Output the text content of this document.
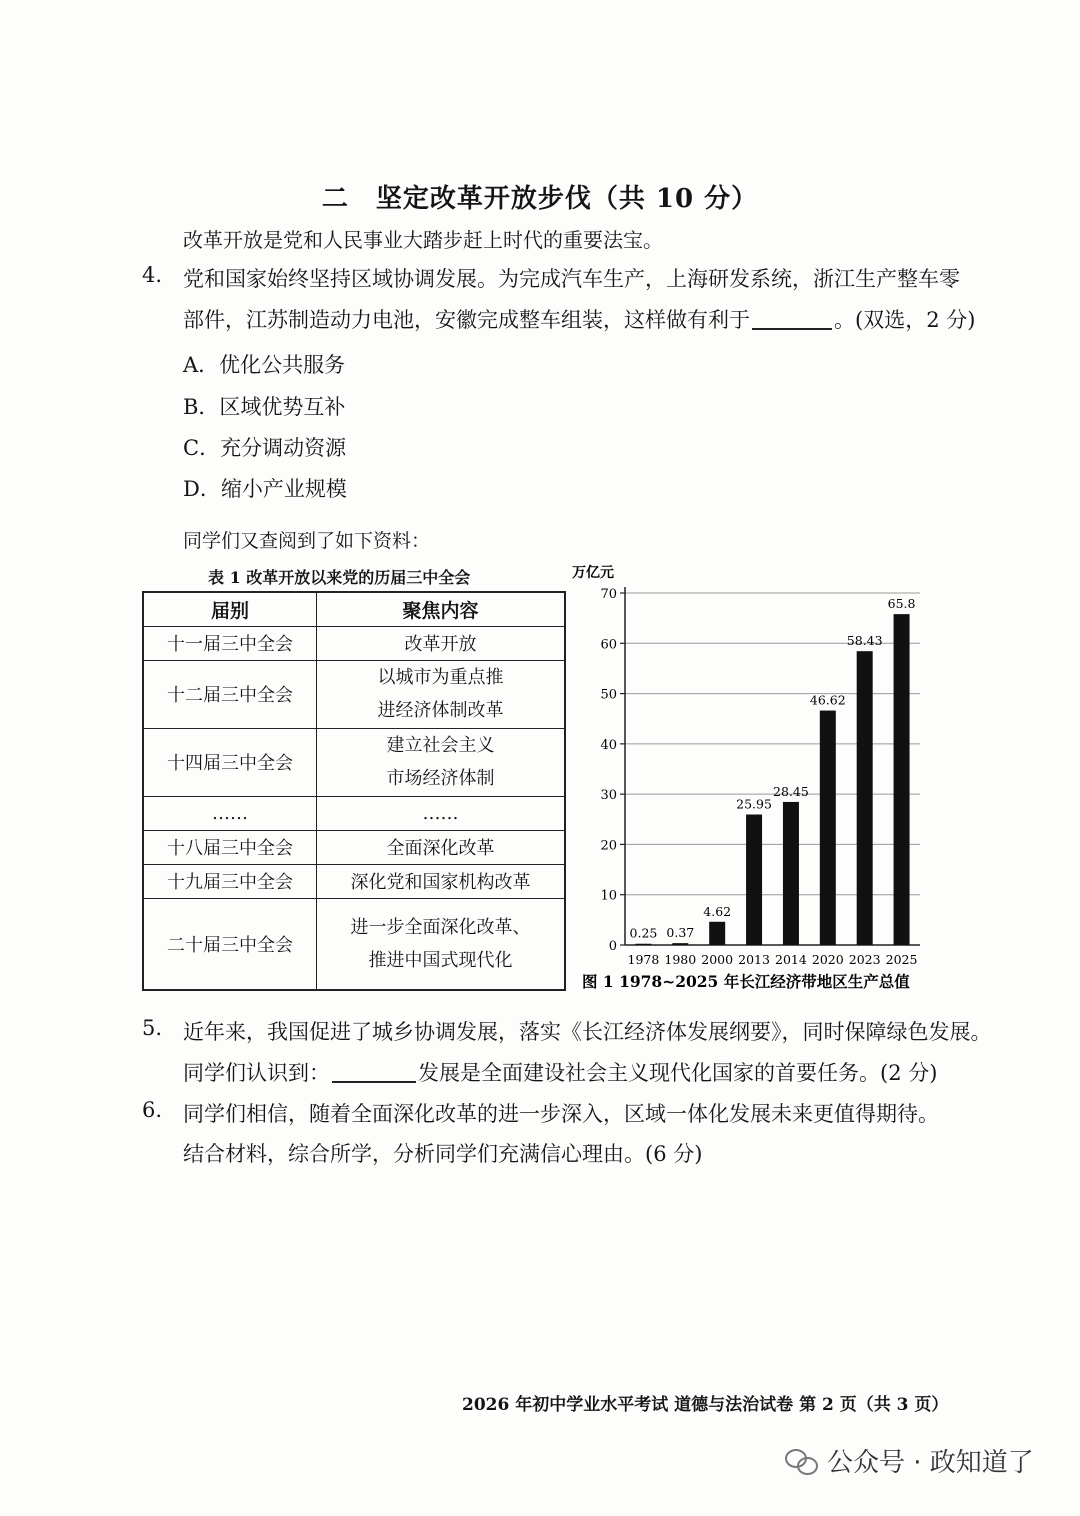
二　坚定改革开放步伐（共 10 分）
改革开放是党和人民事业大踏步赶上时代的重要法宝。
4. 党和国家始终坚持区域协调发展。为完成汽车生产，上海研发系统，浙江生产整车零
部件，江苏制造动力电池，安徽完成整车组装，这样做有利于	。(双选，2 分)
A．优化公共服务
B．区域优势互补
C．充分调动资源
D．缩小产业规模
同学们又查阅到了如下资料：
表 1 改革开放以来党的历届三中全会
届别	聚焦内容
十一届三中全会	改革开放
十二届三中全会	以城市为重点推
进经济体制改革

十四届三中全会	建立社会主义
市场经济体制

……	……
十八届三中全会	全面深化改革
十九届三中全会	深化党和国家机构改革
二十届三中全会	进一步全面深化改革、
推进中国式现代化
万亿元
0
10
20
30
40
50
60
70
0.25
1978
0.37
1980
4.62
2000
25.95
2013
28.45
2014
46.62
2020
58.43
2023
65.8
2025
图 1 1978~2025 年长江经济带地区生产总值
5. 近年来，我国促进了城乡协调发展，落实《长江经济体发展纲要》，同时保障绿色发展。
同学们认识到：	发展是全面建设社会主义现代化国家的首要任务。(2 分)
6. 同学们相信，随着全面深化改革的进一步深入，区域一体化发展未来更值得期待。
结合材料，综合所学，分析同学们充满信心理由。(6 分)
2026 年初中学业水平考试 道德与法治试卷 第 2 页（共 3 页）
公众号 · 政知道了
